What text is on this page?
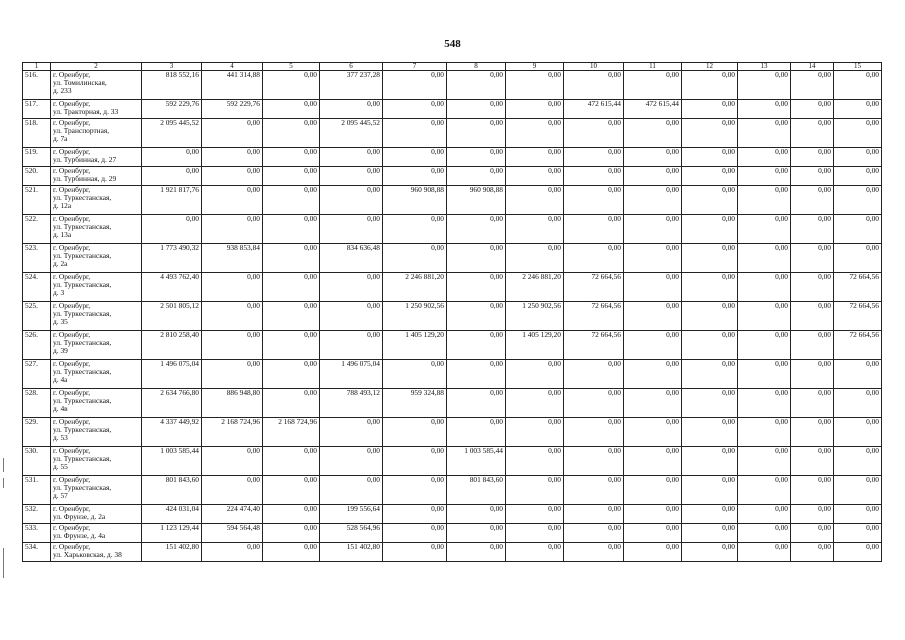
548
1	2	3	4	5	6	7	8	9	10	11	12	13	14	15
516.	г. Оренбург,
ул. Томилинская,
д. 233	818 552,16	441 314,88	0,00	377 237,28	0,00	0,00	0,00	0,00	0,00	0,00	0,00	0,00	0,00
517.	г. Оренбург,
ул. Тракторная, д. 33	592 229,76	592 229,76	0,00	0,00	0,00	0,00	0,00	472 615,44	472 615,44	0,00	0,00	0,00	0,00
518.	г. Оренбург,
ул. Транспортная,
д. 7а	2 095 445,52	0,00	0,00	2 095 445,52	0,00	0,00	0,00	0,00	0,00	0,00	0,00	0,00	0,00
519.	г. Оренбург,
ул. Турбинная, д. 27	0,00	0,00	0,00	0,00	0,00	0,00	0,00	0,00	0,00	0,00	0,00	0,00	0,00
520.	г. Оренбург,
ул. Турбинная, д. 29	0,00	0,00	0,00	0,00	0,00	0,00	0,00	0,00	0,00	0,00	0,00	0,00	0,00
521.	г. Оренбург,
ул. Туркестанская,
д. 12а	1 921 817,76	0,00	0,00	0,00	960 908,88	960 908,88	0,00	0,00	0,00	0,00	0,00	0,00	0,00
522.	г. Оренбург,
ул. Туркестанская,
д. 13а	0,00	0,00	0,00	0,00	0,00	0,00	0,00	0,00	0,00	0,00	0,00	0,00	0,00
523.	г. Оренбург,
ул. Туркестанская,
д. 2а	1 773 490,32	938 853,84	0,00	834 636,48	0,00	0,00	0,00	0,00	0,00	0,00	0,00	0,00	0,00
524.	г. Оренбург,
ул. Туркестанская,
д. 3	4 493 762,40	0,00	0,00	0,00	2 246 881,20	0,00	2 246 881,20	72 664,56	0,00	0,00	0,00	0,00	72 664,56
525.	г. Оренбург,
ул. Туркестанская,
д. 35	2 501 805,12	0,00	0,00	0,00	1 250 902,56	0,00	1 250 902,56	72 664,56	0,00	0,00	0,00	0,00	72 664,56
526.	г. Оренбург,
ул. Туркестанская,
д. 39	2 810 258,40	0,00	0,00	0,00	1 405 129,20	0,00	1 405 129,20	72 664,56	0,00	0,00	0,00	0,00	72 664,56
527.	г. Оренбург,
ул. Туркестанская,
д. 4а	1 496 075,04	0,00	0,00	1 496 075,04	0,00	0,00	0,00	0,00	0,00	0,00	0,00	0,00	0,00
528.	г. Оренбург,
ул. Туркестанская,
д. 4в	2 634 766,80	886 948,80	0,00	788 493,12	959 324,88	0,00	0,00	0,00	0,00	0,00	0,00	0,00	0,00
529.	г. Оренбург,
ул. Туркестанская,
д. 53	4 337 449,92	2 168 724,96	2 168 724,96	0,00	0,00	0,00	0,00	0,00	0,00	0,00	0,00	0,00	0,00
530.	г. Оренбург,
ул. Туркестанская,
д. 55	1 003 585,44	0,00	0,00	0,00	0,00	1 003 585,44	0,00	0,00	0,00	0,00	0,00	0,00	0,00
531.	г. Оренбург,
ул. Туркестанская,
д. 57	801 843,60	0,00	0,00	0,00	0,00	801 843,60	0,00	0,00	0,00	0,00	0,00	0,00	0,00
532.	г. Оренбург,
ул. Фрунзе, д. 2а	424 031,04	224 474,40	0,00	199 556,64	0,00	0,00	0,00	0,00	0,00	0,00	0,00	0,00	0,00
533.	г. Оренбург,
ул. Фрунзе, д. 4а	1 123 129,44	594 564,48	0,00	528 564,96	0,00	0,00	0,00	0,00	0,00	0,00	0,00	0,00	0,00
534.	г. Оренбург,
ул. Харьковская, д. 38	151 402,80	0,00	0,00	151 402,80	0,00	0,00	0,00	0,00	0,00	0,00	0,00	0,00	0,00
